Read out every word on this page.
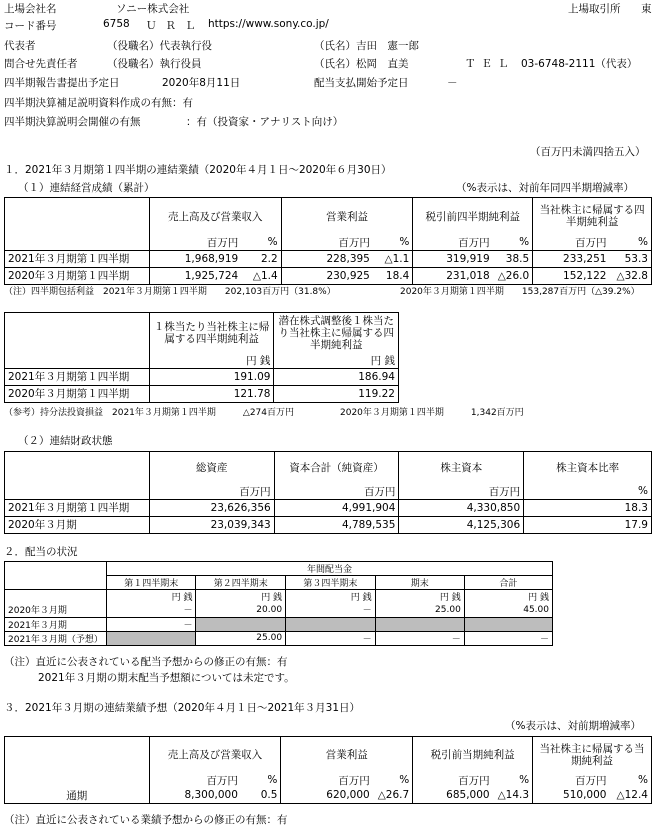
上場会社名	ソニー株式会社	上場取引所 東
コード番号	6758 ＵＲＬ https://www.sony.co.jp/
代表者	（役職名）代表執行役	（氏名）吉田　憲一郎
問合せ先責任者	（役職名）執行役員	（氏名）松岡　直美	ＴＥＬ 03-6748-2111（代表）
四半期報告書提出予定日	2020年8月11日	配当支払開始予定日	－
四半期決算補足説明資料作成の有無：有
四半期決算説明会開催の有無	：有（投資家・アナリスト向け）
（百万円未満四捨五入）
１．2021年３月期第１四半期の連結業績（2020年４月１日～2020年６月30日）
（１）連結経営成績（累計）	（%表示は、対前年同四半期増減率）
	売上高及び営業収入		営業利益		税引前四半期純利益		当社株主に帰属する四半期純利益	
	百万円	%	百万円	%	百万円	%	百万円	%
2021年３月期第１四半期	1,968,919	2.2	228,395	△1.1	319,919	38.5	233,251	53.3
2020年３月期第１四半期	1,925,724	△1.4	230,925	18.4	231,018	△26.0	152,122	△32.8
（注）四半期包括利益　2021年３月期第１四半期　　202,103百万円（31.8%）	2020年３月期第１四半期　　153,287百万円（△39.2%）
	１株当たり当社株主に帰属する四半期純利益	潜在株式調整後１株当たり当社株主に帰属する四半期純利益
	円 銭	円 銭
2021年３月期第１四半期	191.09	186.94
2020年３月期第１四半期	121.78	119.22
（参考）持分法投資損益　2021年３月期第１四半期　　　△274百万円	2020年３月期第１四半期　　　1,342百万円
（２）連結財政状態
	総資産	資本合計（純資産）	株主資本	株主資本比率
	百万円	百万円	百万円	%
2021年３月期第１四半期	23,626,356	4,991,904	4,330,850	18.3
2020年３月期	23,039,343	4,789,535	4,125,306	17.9
２．配当の状況
	年間配当金				
	第１四半期末	第２四半期末	第３四半期末	期末	合計
	円 銭	円 銭	円 銭	円 銭	円 銭
2020年３月期	－	20.00	－	25.00	45.00
2021年３月期	－				
2021年３月期（予想）		25.00	－	－	－
（注）直近に公表されている配当予想からの修正の有無：有
2021年３月期の期末配当予想額については未定です。
３．2021年３月期の連結業績予想（2020年４月１日～2021年３月31日）
（%表示は、対前期増減率）
	売上高及び営業収入		営業利益		税引前当期純利益		当社株主に帰属する当期純利益	
	百万円	%	百万円	%	百万円	%	百万円	%
通期	8,300,000	0.5	620,000	△26.7	685,000	△14.3	510,000	△12.4
（注）直近に公表されている業績予想からの修正の有無：有
